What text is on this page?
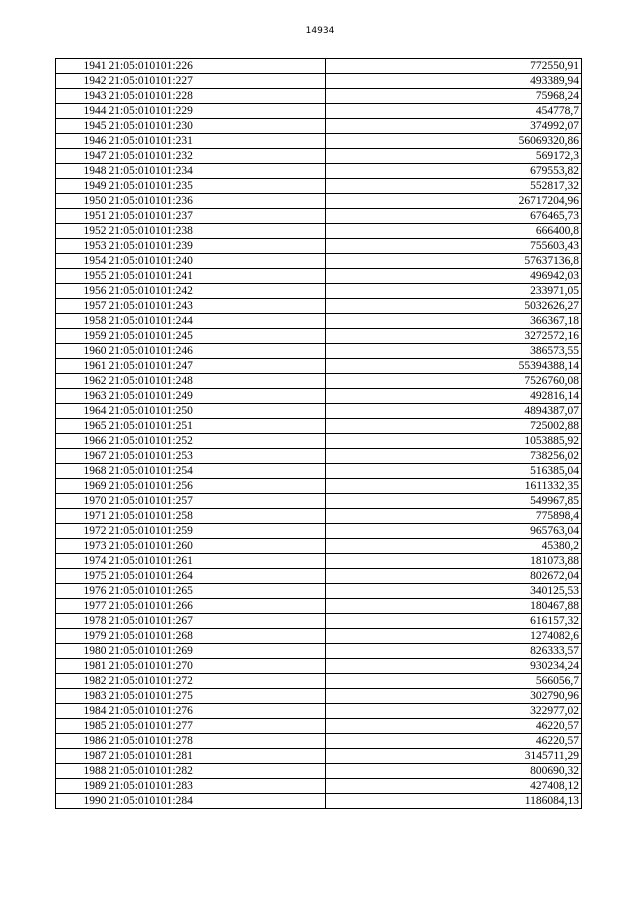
14934
1941	21:05:010101:226	772550,91
1942	21:05:010101:227	493389,94
1943	21:05:010101:228	75968,24
1944	21:05:010101:229	454778,7
1945	21:05:010101:230	374992,07
1946	21:05:010101:231	56069320,86
1947	21:05:010101:232	569172,3
1948	21:05:010101:234	679553,82
1949	21:05:010101:235	552817,32
1950	21:05:010101:236	26717204,96
1951	21:05:010101:237	676465,73
1952	21:05:010101:238	666400,8
1953	21:05:010101:239	755603,43
1954	21:05:010101:240	57637136,8
1955	21:05:010101:241	496942,03
1956	21:05:010101:242	233971,05
1957	21:05:010101:243	5032626,27
1958	21:05:010101:244	366367,18
1959	21:05:010101:245	3272572,16
1960	21:05:010101:246	386573,55
1961	21:05:010101:247	55394388,14
1962	21:05:010101:248	7526760,08
1963	21:05:010101:249	492816,14
1964	21:05:010101:250	4894387,07
1965	21:05:010101:251	725002,88
1966	21:05:010101:252	1053885,92
1967	21:05:010101:253	738256,02
1968	21:05:010101:254	516385,04
1969	21:05:010101:256	1611332,35
1970	21:05:010101:257	549967,85
1971	21:05:010101:258	775898,4
1972	21:05:010101:259	965763,04
1973	21:05:010101:260	45380,2
1974	21:05:010101:261	181073,88
1975	21:05:010101:264	802672,04
1976	21:05:010101:265	340125,53
1977	21:05:010101:266	180467,88
1978	21:05:010101:267	616157,32
1979	21:05:010101:268	1274082,6
1980	21:05:010101:269	826333,57
1981	21:05:010101:270	930234,24
1982	21:05:010101:272	566056,7
1983	21:05:010101:275	302790,96
1984	21:05:010101:276	322977,02
1985	21:05:010101:277	46220,57
1986	21:05:010101:278	46220,57
1987	21:05:010101:281	3145711,29
1988	21:05:010101:282	800690,32
1989	21:05:010101:283	427408,12
1990	21:05:010101:284	1186084,13
